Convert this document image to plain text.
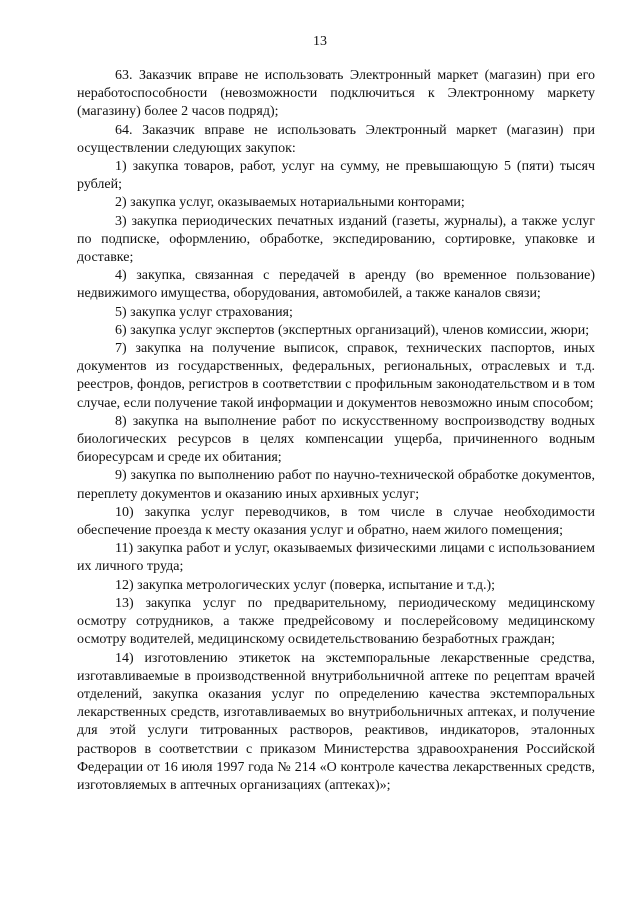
13

63. Заказчик вправе не использовать Электронный маркет (магазин) при его неработоспособности (невозможности подключиться к Электронному маркету (магазину) более 2 часов подряд);

64. Заказчик вправе не использовать Электронный маркет (магазин) при осуществлении следующих закупок:

1) закупка товаров, работ, услуг на сумму, не превышающую 5 (пяти) тысяч рублей;

2) закупка услуг, оказываемых нотариальными конторами;

3) закупка периодических печатных изданий (газеты, журналы), а также услуг по подписке, оформлению, обработке, экспедированию, сортировке, упаковке и доставке;

4) закупка, связанная с передачей в аренду (во временное пользование) недвижимого имущества, оборудования, автомобилей, а также каналов связи;

5) закупка услуг страхования;

6) закупка услуг экспертов (экспертных организаций), членов комиссии, жюри;

7) закупка на получение выписок, справок, технических паспортов, иных документов из государственных, федеральных, региональных, отраслевых и т.д. реестров, фондов, регистров в соответствии с профильным законодательством и в том случае, если получение такой информации и документов невозможно иным способом;

8) закупка на выполнение работ по искусственному воспроизводству водных биологических ресурсов в целях компенсации ущерба, причиненного водным биоресурсам и среде их обитания;

9) закупка по выполнению работ по научно-технической обработке документов, переплету документов и оказанию иных архивных услуг;

10) закупка услуг переводчиков, в том числе в случае необходимости обеспечение проезда к месту оказания услуг и обратно, наем жилого помещения;

11) закупка работ и услуг, оказываемых физическими лицами с использованием их личного труда;

12) закупка метрологических услуг (поверка, испытание и т.д.);

13) закупка услуг по предварительному, периодическому медицинскому осмотру сотрудников, а также предрейсовому и послерейсовому медицинскому осмотру водителей, медицинскому освидетельствованию безработных граждан;

14) изготовлению этикеток на экстемпоральные лекарственные средства, изготавливаемые в производственной внутрибольничной аптеке по рецептам врачей отделений, закупка оказания услуг по определению качества экстемпоральных лекарственных средств, изготавливаемых во внутрибольничных аптеках, и получение для этой услуги титрованных растворов, реактивов, индикаторов, эталонных растворов в соответствии с приказом Министерства здравоохранения Российской Федерации от 16 июля 1997 года № 214 «О контроле качества лекарственных средств, изготовляемых в аптечных организациях (аптеках)»;
